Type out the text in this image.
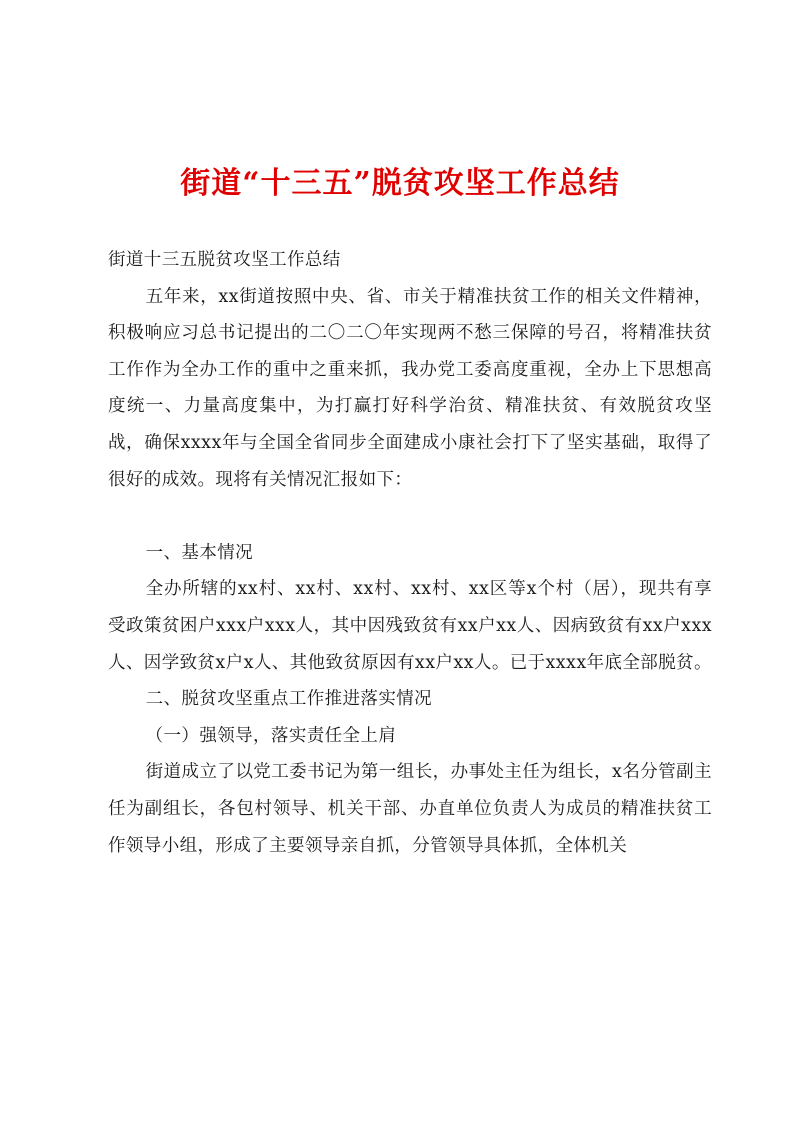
街道“十三五”脱贫攻坚工作总结

街道十三五脱贫攻坚工作总结

五年来，xx街道按照中央、省、市关于精准扶贫工作的相关文件精神，积极响应习总书记提出的二〇二〇年实现两不愁三保障的号召，将精准扶贫工作作为全办工作的重中之重来抓，我办党工委高度重视，全办上下思想高度统一、力量高度集中，为打赢打好科学治贫、精准扶贫、有效脱贫攻坚战，确保xxxx年与全国全省同步全面建成小康社会打下了坚实基础，取得了很好的成效。现将有关情况汇报如下：

一、基本情况

全办所辖的xx村、xx村、xx村、xx村、xx区等x个村（居），现共有享受政策贫困户xxx户xxx人，其中因残致贫有xx户xx人、因病致贫有xx户xxx人、因学致贫x户x人、其他致贫原因有xx户xx人。已于xxxx年底全部脱贫。

二、脱贫攻坚重点工作推进落实情况

（一）强领导，落实责任全上肩

街道成立了以党工委书记为第一组长，办事处主任为组长，x名分管副主任为副组长，各包村领导、机关干部、办直单位负责人为成员的精准扶贫工作领导小组，形成了主要领导亲自抓，分管领导具体抓，全体机关
